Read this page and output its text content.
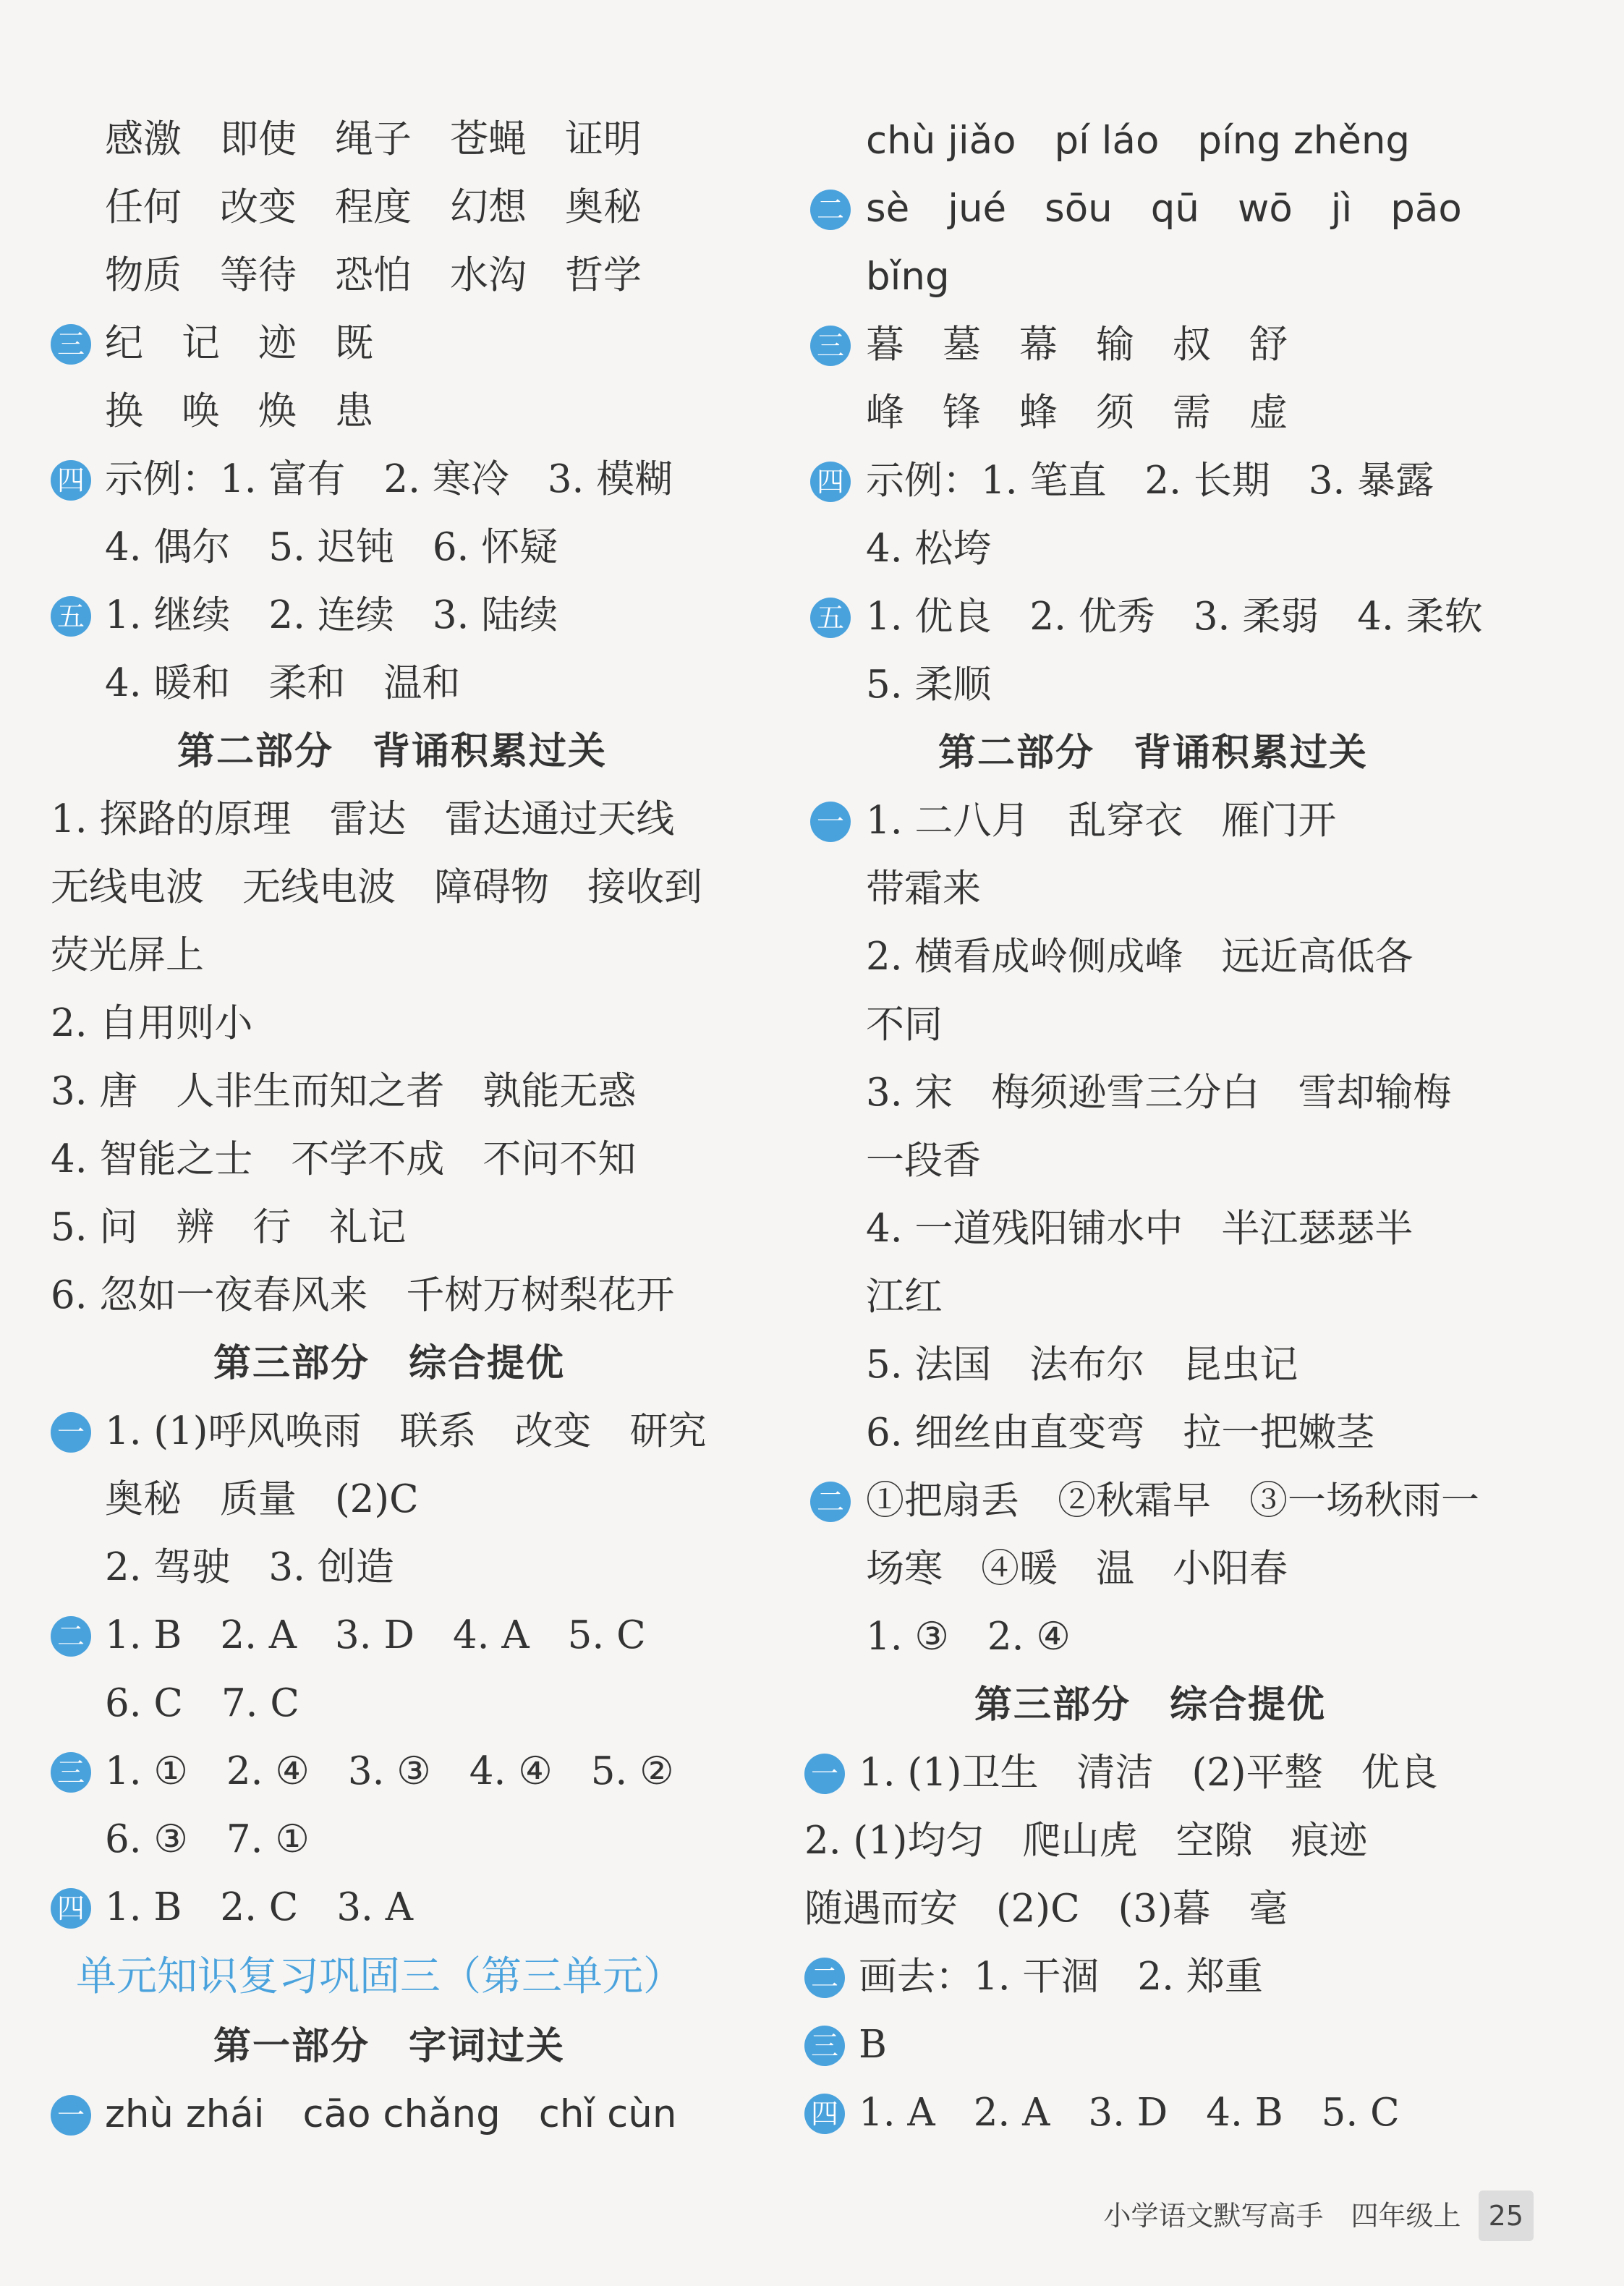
感激　即使　绳子　苍蝇　证明
任何　改变　程度　幻想　奥秘
物质　等待　恐怕　水沟　哲学
三 纪　记　迹　既
换　唤　焕　患
四 示例：1. 富有　2. 寒冷　3. 模糊
4. 偶尔　5. 迟钝　6. 怀疑
五 1. 继续　2. 连续　3. 陆续
4. 暖和　柔和　温和
第二部分　背诵积累过关
1. 探路的原理　雷达　雷达通过天线
无线电波　无线电波　障碍物　接收到
荧光屏上
2. 自用则小
3. 唐　人非生而知之者　孰能无惑
4. 智能之士　不学不成　不问不知
5. 问　辨　行　礼记
6. 忽如一夜春风来　千树万树梨花开
第三部分　综合提优
一 1. (1)呼风唤雨　联系　改变　研究
奥秘　质量　(2)C
2. 驾驶　3. 创造
二 1. B　2. A　3. D　4. A　5. C
6. C　7. C
三 1. ①　2. ④　3. ③　4. ④　5. ②
6. ③　7. ①
四 1. B　2. C　3. A
单元知识复习巩固三（第三单元）
第一部分　字词过关
一 zhù zhái　cāo chǎng　chǐ cùn
chù jiǎo　pí láo　píng zhěng
二 sè　jué　sōu　qū　wō　jì　pāo
bǐng
三 暮　墓　幕　输　叔　舒
峰　锋　蜂　须　需　虚
四 示例：1. 笔直　2. 长期　3. 暴露
4. 松垮
五 1. 优良　2. 优秀　3. 柔弱　4. 柔软
5. 柔顺
第二部分　背诵积累过关
一 1. 二八月　乱穿衣　雁门开
带霜来
2. 横看成岭侧成峰　远近高低各
不同
3. 宋　梅须逊雪三分白　雪却输梅
一段香
4. 一道残阳铺水中　半江瑟瑟半
江红
5. 法国　法布尔　昆虫记
6. 细丝由直变弯　拉一把嫩茎
二 ①把扇丢　②秋霜早　③一场秋雨一
场寒　④暖　温　小阳春
1. ③　2. ④
第三部分　综合提优
一 1. (1)卫生　清洁　(2)平整　优良
2. (1)均匀　爬山虎　空隙　痕迹
随遇而安　(2)C　(3)暮　毫
二 画去：1. 干涸　2. 郑重
三 B
四 1. A　2. A　3. D　4. B　5. C
小学语文默写高手　四年级上 25
